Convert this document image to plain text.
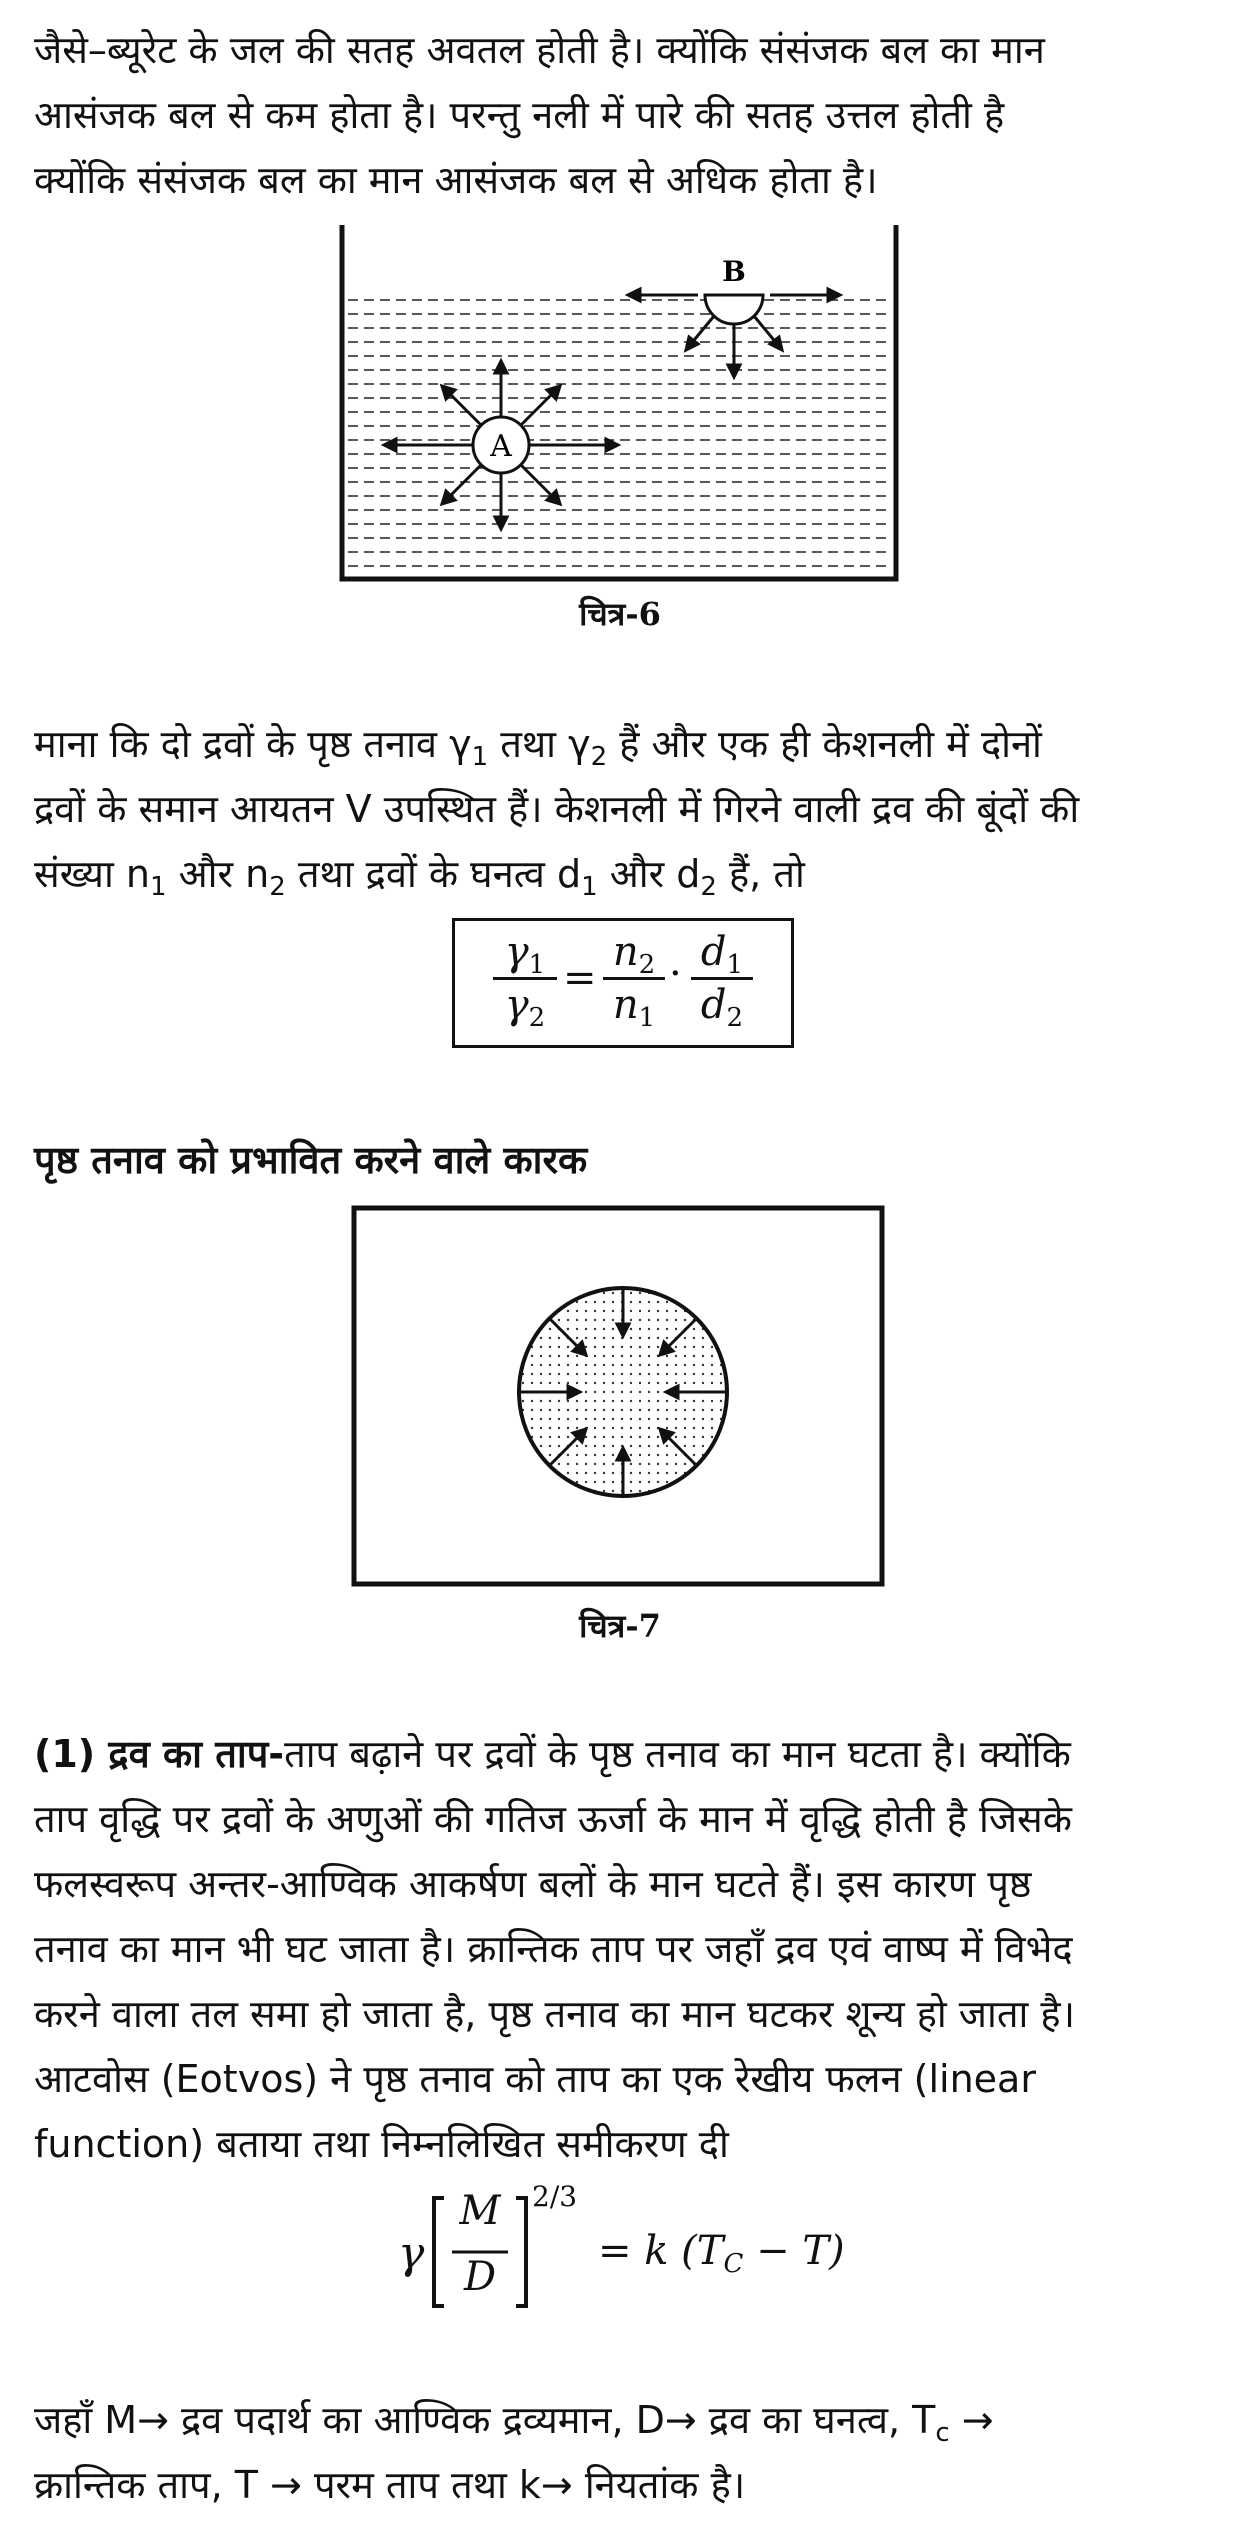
जैसे–ब्यूरेट के जल की सतह अवतल होती है। क्योंकि संसंजक बल का मान
आसंजक बल से कम होता है। परन्तु नली में पारे की सतह उत्तल होती है
क्योंकि संसंजक बल का मान आसंजक बल से अधिक होता है।
A
B
चित्र-6
माना कि दो द्रवों के पृष्ठ तनाव $\gamma_1$ तथा $\gamma_2$ हैं और एक ही केशनली में दोनों
द्रवों के समान आयतन V उपस्थित हैं। केशनली में गिरने वाली द्रव की बूंदों की
संख्या $n_1$ और $n_2$ तथा द्रवों के घनत्व $d_1$ और $d_2$ हैं, तो
$\gamma_1$
$\gamma_2$
=
$n_2$
$n_1$
· $d_1$
$d_2$
पृष्ठ तनाव को प्रभावित करने वाले कारक
चित्र-7
(1) द्रव का ताप-ताप बढ़ाने पर द्रवों के पृष्ठ तनाव का मान घटता है। क्योंकि
ताप वृद्धि पर द्रवों के अणुओं की गतिज ऊर्जा के मान में वृद्धि होती है जिसके
फलस्वरूप अन्तर-आण्विक आकर्षण बलों के मान घटते हैं। इस कारण पृष्ठ
तनाव का मान भी घट जाता है। क्रान्तिक ताप पर जहाँ द्रव एवं वाष्प में विभेद
करने वाला तल समा हो जाता है, पृष्ठ तनाव का मान घटकर शून्य हो जाता है।
आटवोस (Eotvos) ने पृष्ठ तनाव को ताप का एक रेखीय फलन (linear
function) बताया तथा निम्नलिखित समीकरण दी
γ
M
D
2/3
= k $(T_C - T)$
जहाँ M→ द्रव पदार्थ का आण्विक द्रव्यमान, D→ द्रव का घनत्व, $T_c$ →
क्रान्तिक ताप, T → परम ताप तथा k→ नियतांक है।
